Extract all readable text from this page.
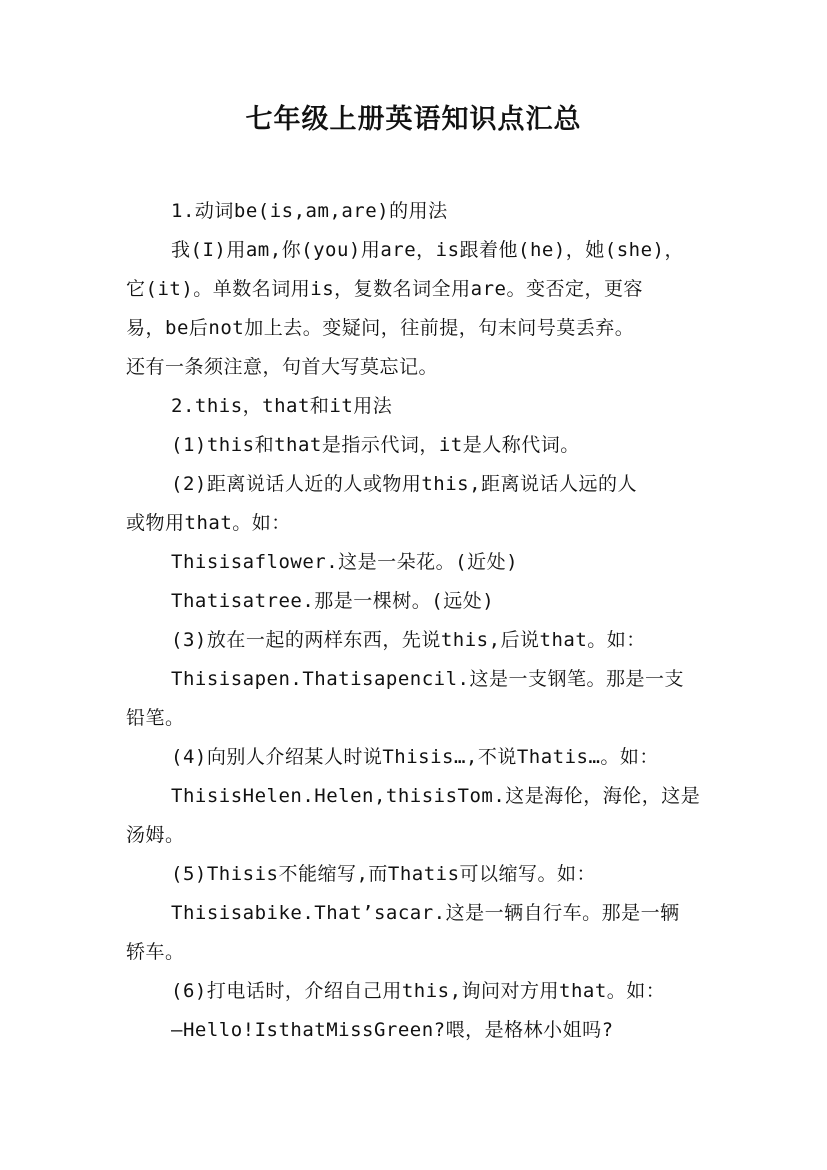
七年级上册英语知识点汇总
1.动词be(is,am,are)的用法
我(I)用am,你(you)用are，is跟着他(he)，她(she)，
它(it)。单数名词用is，复数名词全用are。变否定，更容
易，be后not加上去。变疑问，往前提，句末问号莫丢弃。
还有一条须注意，句首大写莫忘记。
2.this，that和it用法
(1)this和that是指示代词，it是人称代词。
(2)距离说话人近的人或物用this,距离说话人远的人
或物用that。如：
Thisisaflower.这是一朵花。(近处)
Thatisatree.那是一棵树。(远处)
(3)放在一起的两样东西，先说this,后说that。如：
Thisisapen.Thatisapencil.这是一支钢笔。那是一支
铅笔。
(4)向别人介绍某人时说Thisis…,不说Thatis…。如：
ThisisHelen.Helen,thisisTom.这是海伦，海伦，这是
汤姆。
(5)Thisis不能缩写,而Thatis可以缩写。如：
Thisisabike.That’sacar.这是一辆自行车。那是一辆
轿车。
(6)打电话时，介绍自己用this,询问对方用that。如：
—Hello!IsthatMissGreen?喂，是格林小姐吗?
